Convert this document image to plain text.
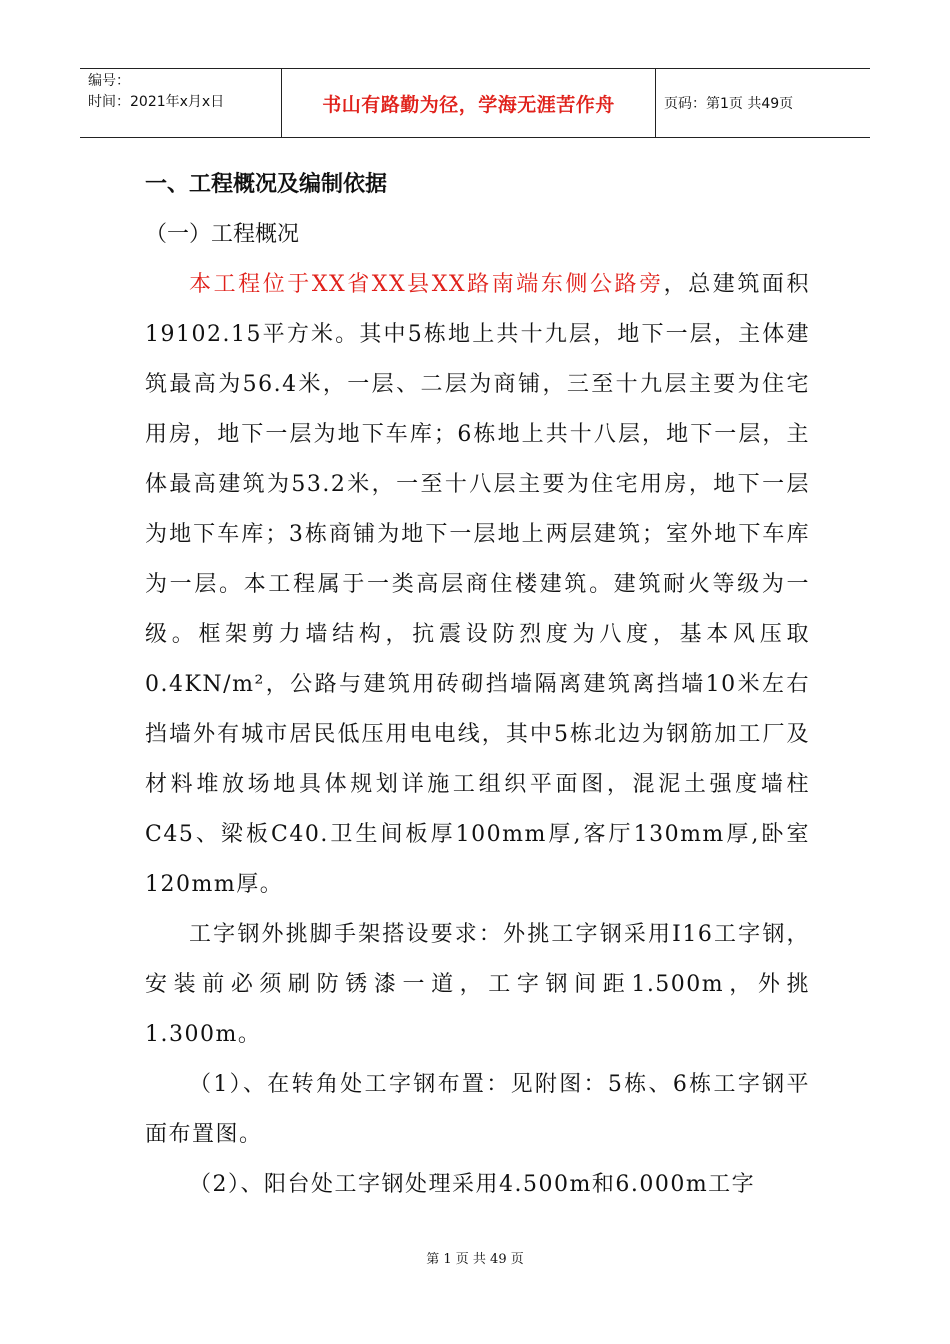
编号：
时间：2021年x月x日	书山有路勤为径，学海无涯苦作舟	页码：第1页 共49页
一、工程概况及编制依据
（一）工程概况

本工程位于XX省XX县XX路南端东侧公路旁，总建筑面积19102.15平方米。其中5栋地上共十九层，地下一层，主体建筑最高为56.4米，一层、二层为商铺，三至十九层主要为住宅用房，地下一层为地下车库；6栋地上共十八层，地下一层，主体最高建筑为53.2米，一至十八层主要为住宅用房，地下一层为地下车库；3栋商铺为地下一层地上两层建筑；室外地下车库为一层。本工程属于一类高层商住楼建筑。建筑耐火等级为一级。框架剪力墙结构，抗震设防烈度为八度，基本风压取0.4KN/m²，公路与建筑用砖砌挡墙隔离建筑离挡墙10米左右挡墙外有城市居民低压用电电线，其中5栋北边为钢筋加工厂及材料堆放场地具体规划详施工组织平面图，混泥土强度墙柱C45、梁板C40.卫生间板厚100mm厚,客厅130mm厚,卧室120mm厚。

工字钢外挑脚手架搭设要求：外挑工字钢采用I16工字钢，安装前必须刷防锈漆一道，工字钢间距1.500m，外挑1.300m。

（1）、在转角处工字钢布置：见附图：5栋、6栋工字钢平面布置图。

（2）、阳台处工字钢处理采用4.500m和6.000m工字

第 1 页 共 49 页
